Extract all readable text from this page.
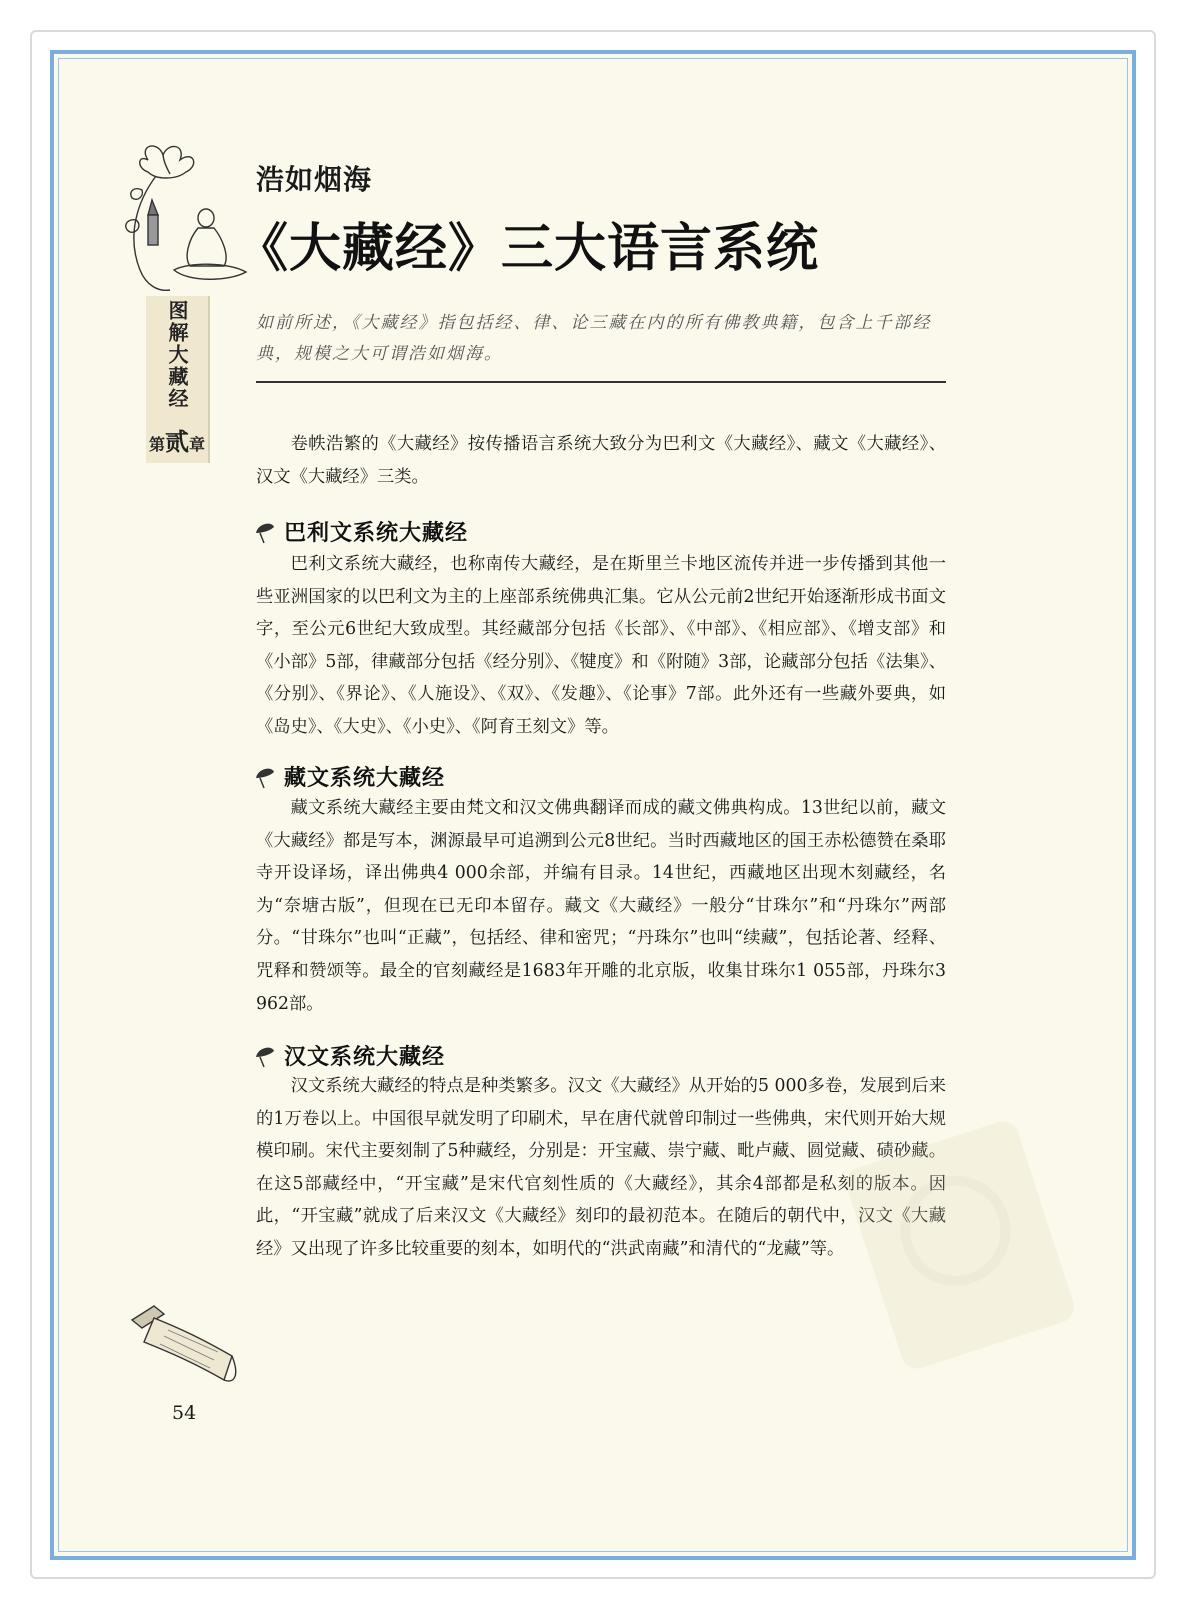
图解大藏经
第贰章
浩如烟海
《大藏经》三大语言系统
如前所述，《大藏经》指包括经、律、论三藏在内的所有佛教典籍，包含上千部经典，规模之大可谓浩如烟海。

卷帙浩繁的《大藏经》按传播语言系统大致分为巴利文《大藏经》、藏文《大藏经》、汉文《大藏经》三类。

巴利文系统大藏经

巴利文系统大藏经，也称南传大藏经，是在斯里兰卡地区流传并进一步传播到其他一些亚洲国家的以巴利文为主的上座部系统佛典汇集。它从公元前2世纪开始逐渐形成书面文字，至公元6世纪大致成型。其经藏部分包括《长部》、《中部》、《相应部》、《增支部》和《小部》5部，律藏部分包括《经分别》、《犍度》和《附随》3部，论藏部分包括《法集》、《分别》、《界论》、《人施设》、《双》、《发趣》、《论事》7部。此外还有一些藏外要典，如《岛史》、《大史》、《小史》、《阿育王刻文》等。

藏文系统大藏经

藏文系统大藏经主要由梵文和汉文佛典翻译而成的藏文佛典构成。13世纪以前，藏文《大藏经》都是写本，渊源最早可追溯到公元8世纪。当时西藏地区的国王赤松德赞在桑耶寺开设译场，译出佛典4 000余部，并编有目录。14世纪，西藏地区出现木刻藏经，名为“奈塘古版”，但现在已无印本留存。藏文《大藏经》一般分“甘珠尔”和“丹珠尔”两部分。“甘珠尔”也叫“正藏”，包括经、律和密咒；“丹珠尔”也叫“续藏”，包括论著、经释、咒释和赞颂等。最全的官刻藏经是1683年开雕的北京版，收集甘珠尔1 055部，丹珠尔3 962部。

汉文系统大藏经

汉文系统大藏经的特点是种类繁多。汉文《大藏经》从开始的5 000多卷，发展到后来的1万卷以上。中国很早就发明了印刷术，早在唐代就曾印制过一些佛典，宋代则开始大规模印刷。宋代主要刻制了5种藏经，分别是：开宝藏、崇宁藏、毗卢藏、圆觉藏、碛砂藏。在这5部藏经中，“开宝藏”是宋代官刻性质的《大藏经》，其余4部都是私刻的版本。因此，“开宝藏”就成了后来汉文《大藏经》刻印的最初范本。在随后的朝代中，汉文《大藏经》又出现了许多比较重要的刻本，如明代的“洪武南藏”和清代的“龙藏”等。

54
